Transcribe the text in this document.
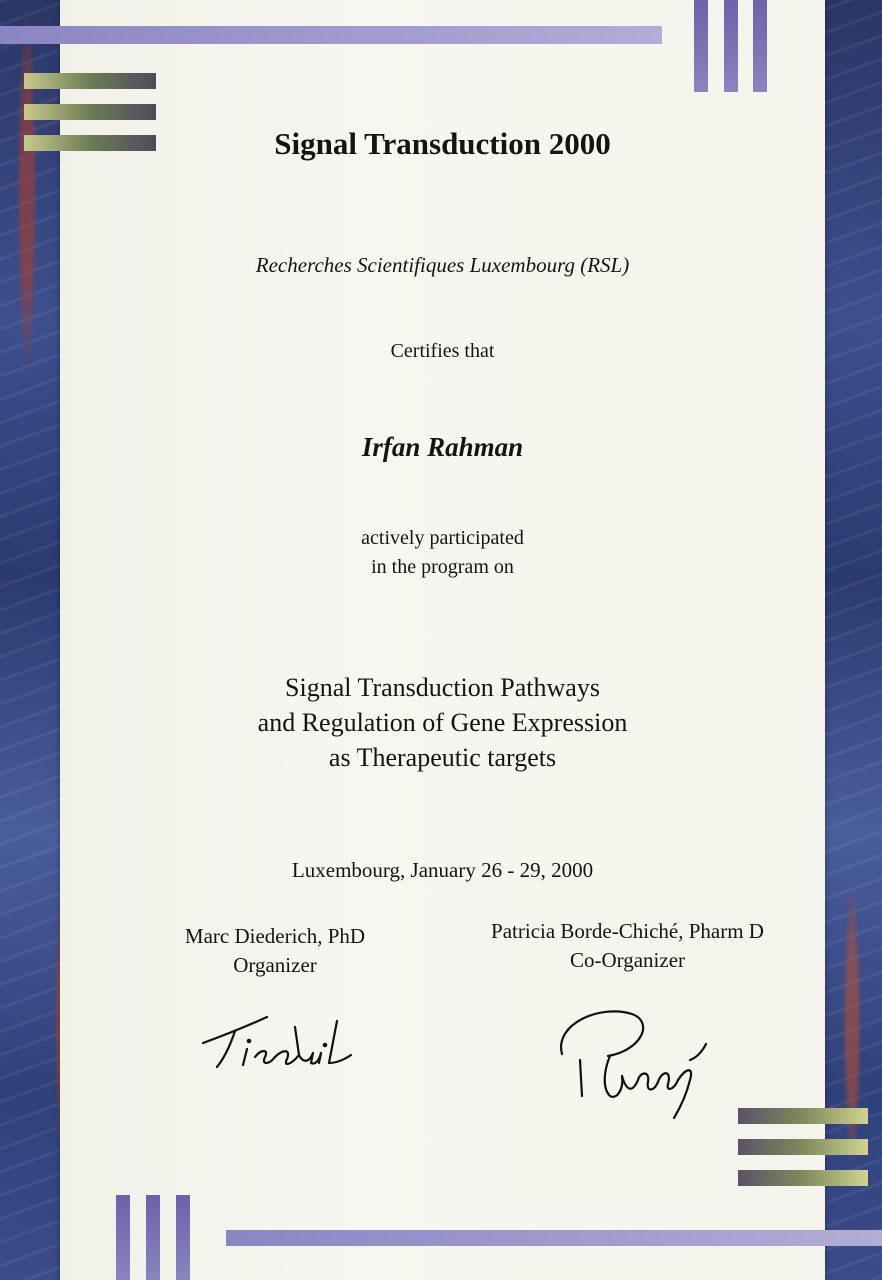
Signal Transduction 2000
Recherches Scientifiques Luxembourg (RSL)
Certifies that
Irfan Rahman
actively participated
in the program on
Signal Transduction Pathways
and Regulation of Gene Expression
as Therapeutic targets
Luxembourg, January 26 - 29, 2000
Marc Diederich, PhD
Organizer
Patricia Borde-Chiché, Pharm D
Co-Organizer
